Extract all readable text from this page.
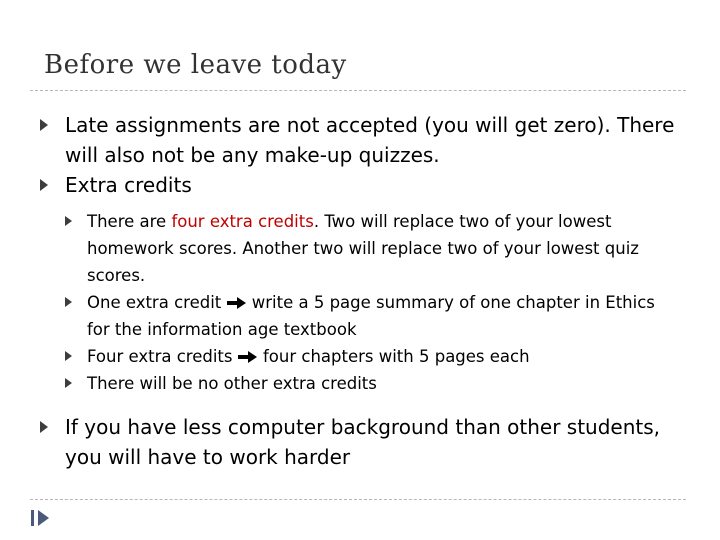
Before we leave today
Late assignments are not accepted (you will get zero). There will also not be any make-up quizzes.
Extra credits
There are four extra credits. Two will replace two of your lowest homework scores. Another two will replace two of your lowest quiz scores.
One extra credit  write a 5 page summary of one chapter in Ethics for the information age textbook
Four extra credits  four chapters with 5 pages each
There will be no other extra credits
If you have less computer background than other students, you will have to work harder
